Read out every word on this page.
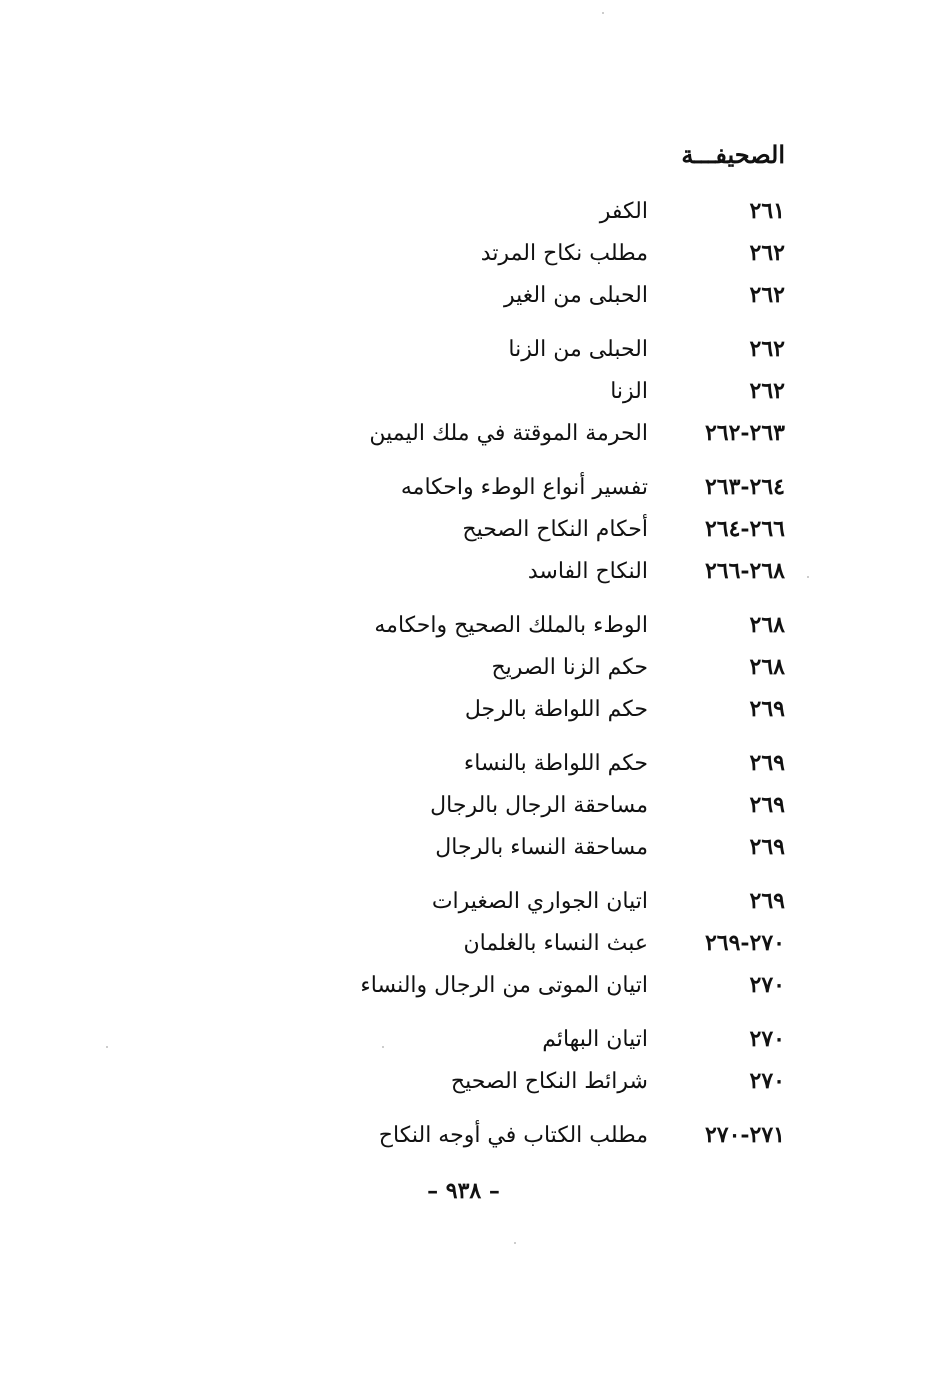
الصحيفـــة
٢٦١
الكفر
٢٦٢
مطلب نكاح المرتد
٢٦٢
الحبلى من الغير
٢٦٢
الحبلى من الزنا
٢٦٢
الزنا
٢٦٣-٢٦٢
الحرمة الموقتة في ملك اليمين
٢٦٤-٢٦٣
تفسير أنواع الوطء واحكامه
٢٦٦-٢٦٤
أحكام النكاح الصحيح
٢٦٨-٢٦٦
النكاح الفاسد
٢٦٨
الوطء بالملك الصحيح واحكامه
٢٦٨
حكم الزنا الصريح
٢٦٩
حكم اللواطة بالرجل
٢٦٩
حكم اللواطة بالنساء
٢٦٩
مساحقة الرجال بالرجال
٢٦٩
مساحقة النساء بالرجال
٢٦٩
اتيان الجواري الصغيرات
٢٧٠-٢٦٩
عبث النساء بالغلمان
٢٧٠
اتيان الموتى من الرجال والنساء
٢٧٠
اتيان البهائم
٢٧٠
شرائط النكاح الصحيح
٢٧١-٢٧٠
مطلب الكتاب في أوجه النكاح
– ٩٣٨ –
